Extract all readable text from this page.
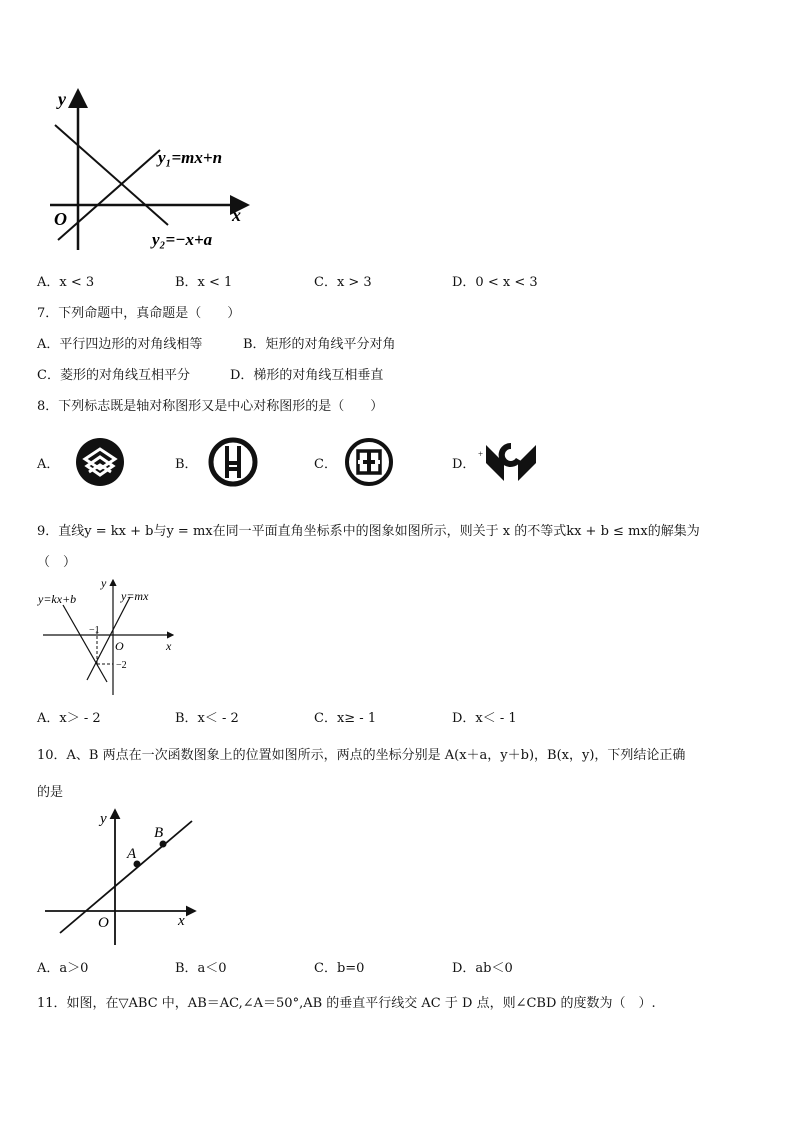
y
x
O
y₁=mx+n
y₂=−x+a
A．x < 3	B．x < 1	C．x > 3	D．0 < x < 3
7．下列命题中，真命题是（　　）
A．平行四边形的对角线相等	B．矩形的对角线平分对角
C．菱形的对角线互相平分	D．梯形的对角线互相垂直
8．下列标志既是轴对称图形又是中心对称图形的是（　　）
A．	B．	C．	D．
+
9．直线y = kx + b与y = mx在同一平面直角坐标系中的图象如图所示，则关于 x 的不等式kx + b ≤ mx的解集为
（　）
y=kx+b	y=mx
y
x
O
−1
−2
A．x＞ - 2	B．x＜ - 2	C．x≥ - 1	D．x＜ - 1
10．A、B 两点在一次函数图象上的位置如图所示，两点的坐标分别是 A(x＋a，y＋b)，B(x，y)，下列结论正确
的是
y
x
O
A
B
A．a＞0	B．a＜0	C．b=0	D．ab＜0
11．如图，在▽ABC 中，AB＝AC,∠A＝50°,AB 的垂直平行线交 AC 于 D 点，则∠CBD 的度数为（　）.
